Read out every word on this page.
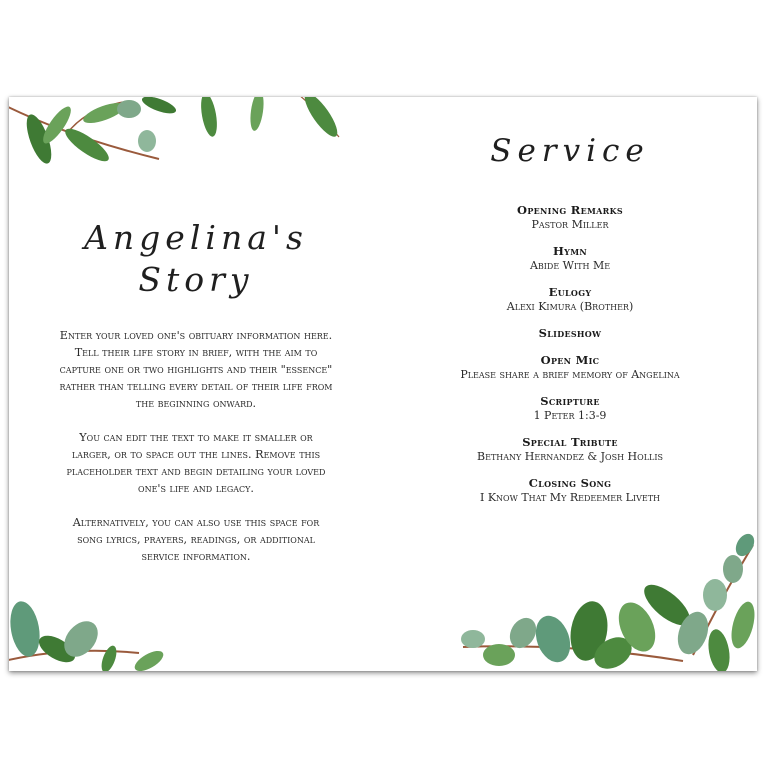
Angelina's
Story

Enter your loved one's obituary information here. Tell their life story in brief, with the aim to capture one or two highlights and their "essence" rather than telling every detail of their life from the beginning onward.

You can edit the text to make it smaller or larger, or to space out the lines. Remove this placeholder text and begin detailing your loved one's life and legacy.

Alternatively, you can also use this space for song lyrics, prayers, readings, or additional service information.

Service
Opening Remarks
Pastor Miller
Hymn
Abide With Me
Eulogy
Alexi Kimura (Brother)
Slideshow
Open Mic
Please share a brief memory of Angelina
Scripture
1 Peter 1:3-9
Special Tribute
Bethany Hernandez & Josh Hollis
Closing Song
I Know That My Redeemer Liveth
